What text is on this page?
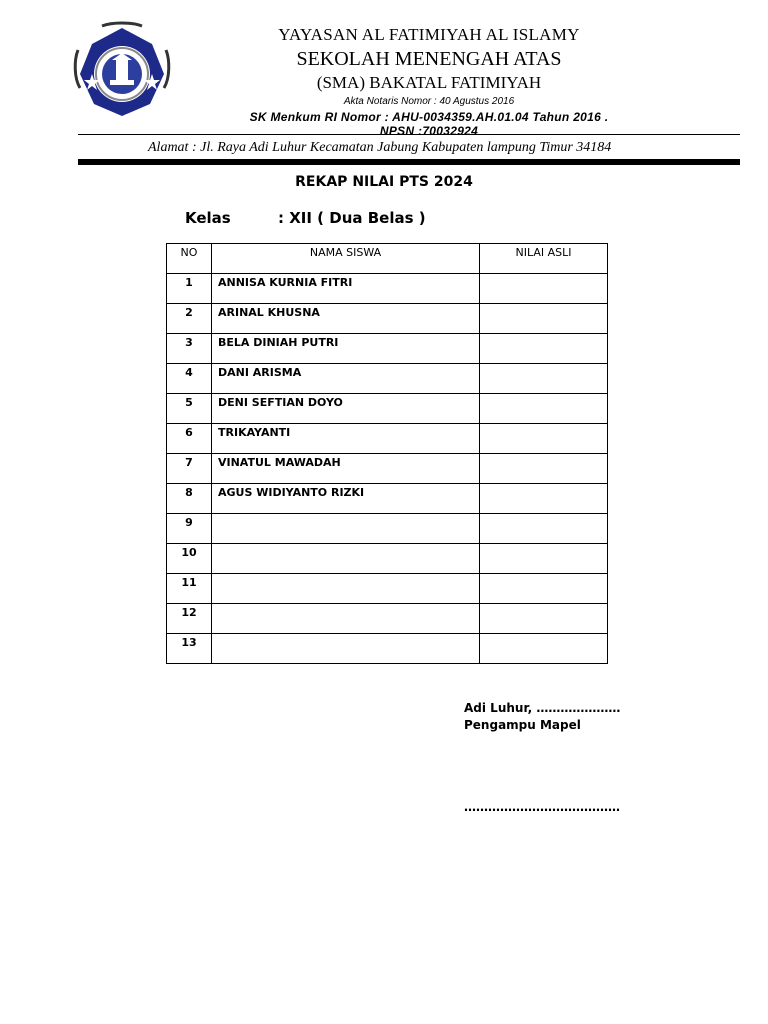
YAYASAN AL FATIMIYAH AL ISLAMY
SEKOLAH MENENGAH ATAS
(SMA) BAKATAL FATIMIYAH
Akta Notaris Nomor : 40 Agustus 2016
SK Menkum RI Nomor : AHU-0034359.AH.01.04 Tahun 2016 .
NPSN :70032924
Alamat : Jl. Raya Adi Luhur Kecamatan Jabung Kabupaten lampung Timur 34184
REKAP NILAI PTS 2024
Kelas	: XII ( Dua Belas )
NO	NAMA SISWA	NILAI ASLI
1	ANNISA KURNIA FITRI	
2	ARINAL KHUSNA	
3	BELA DINIAH PUTRI	
4	DANI ARISMA	
5	DENI SEFTIAN DOYO	
6	TRIKAYANTI	
7	VINATUL MAWADAH	
8	AGUS WIDIYANTO RIZKI	
9		
10		
11		
12		
13		
Adi Luhur, …………………
Pengampu Mapel
…………………………………
